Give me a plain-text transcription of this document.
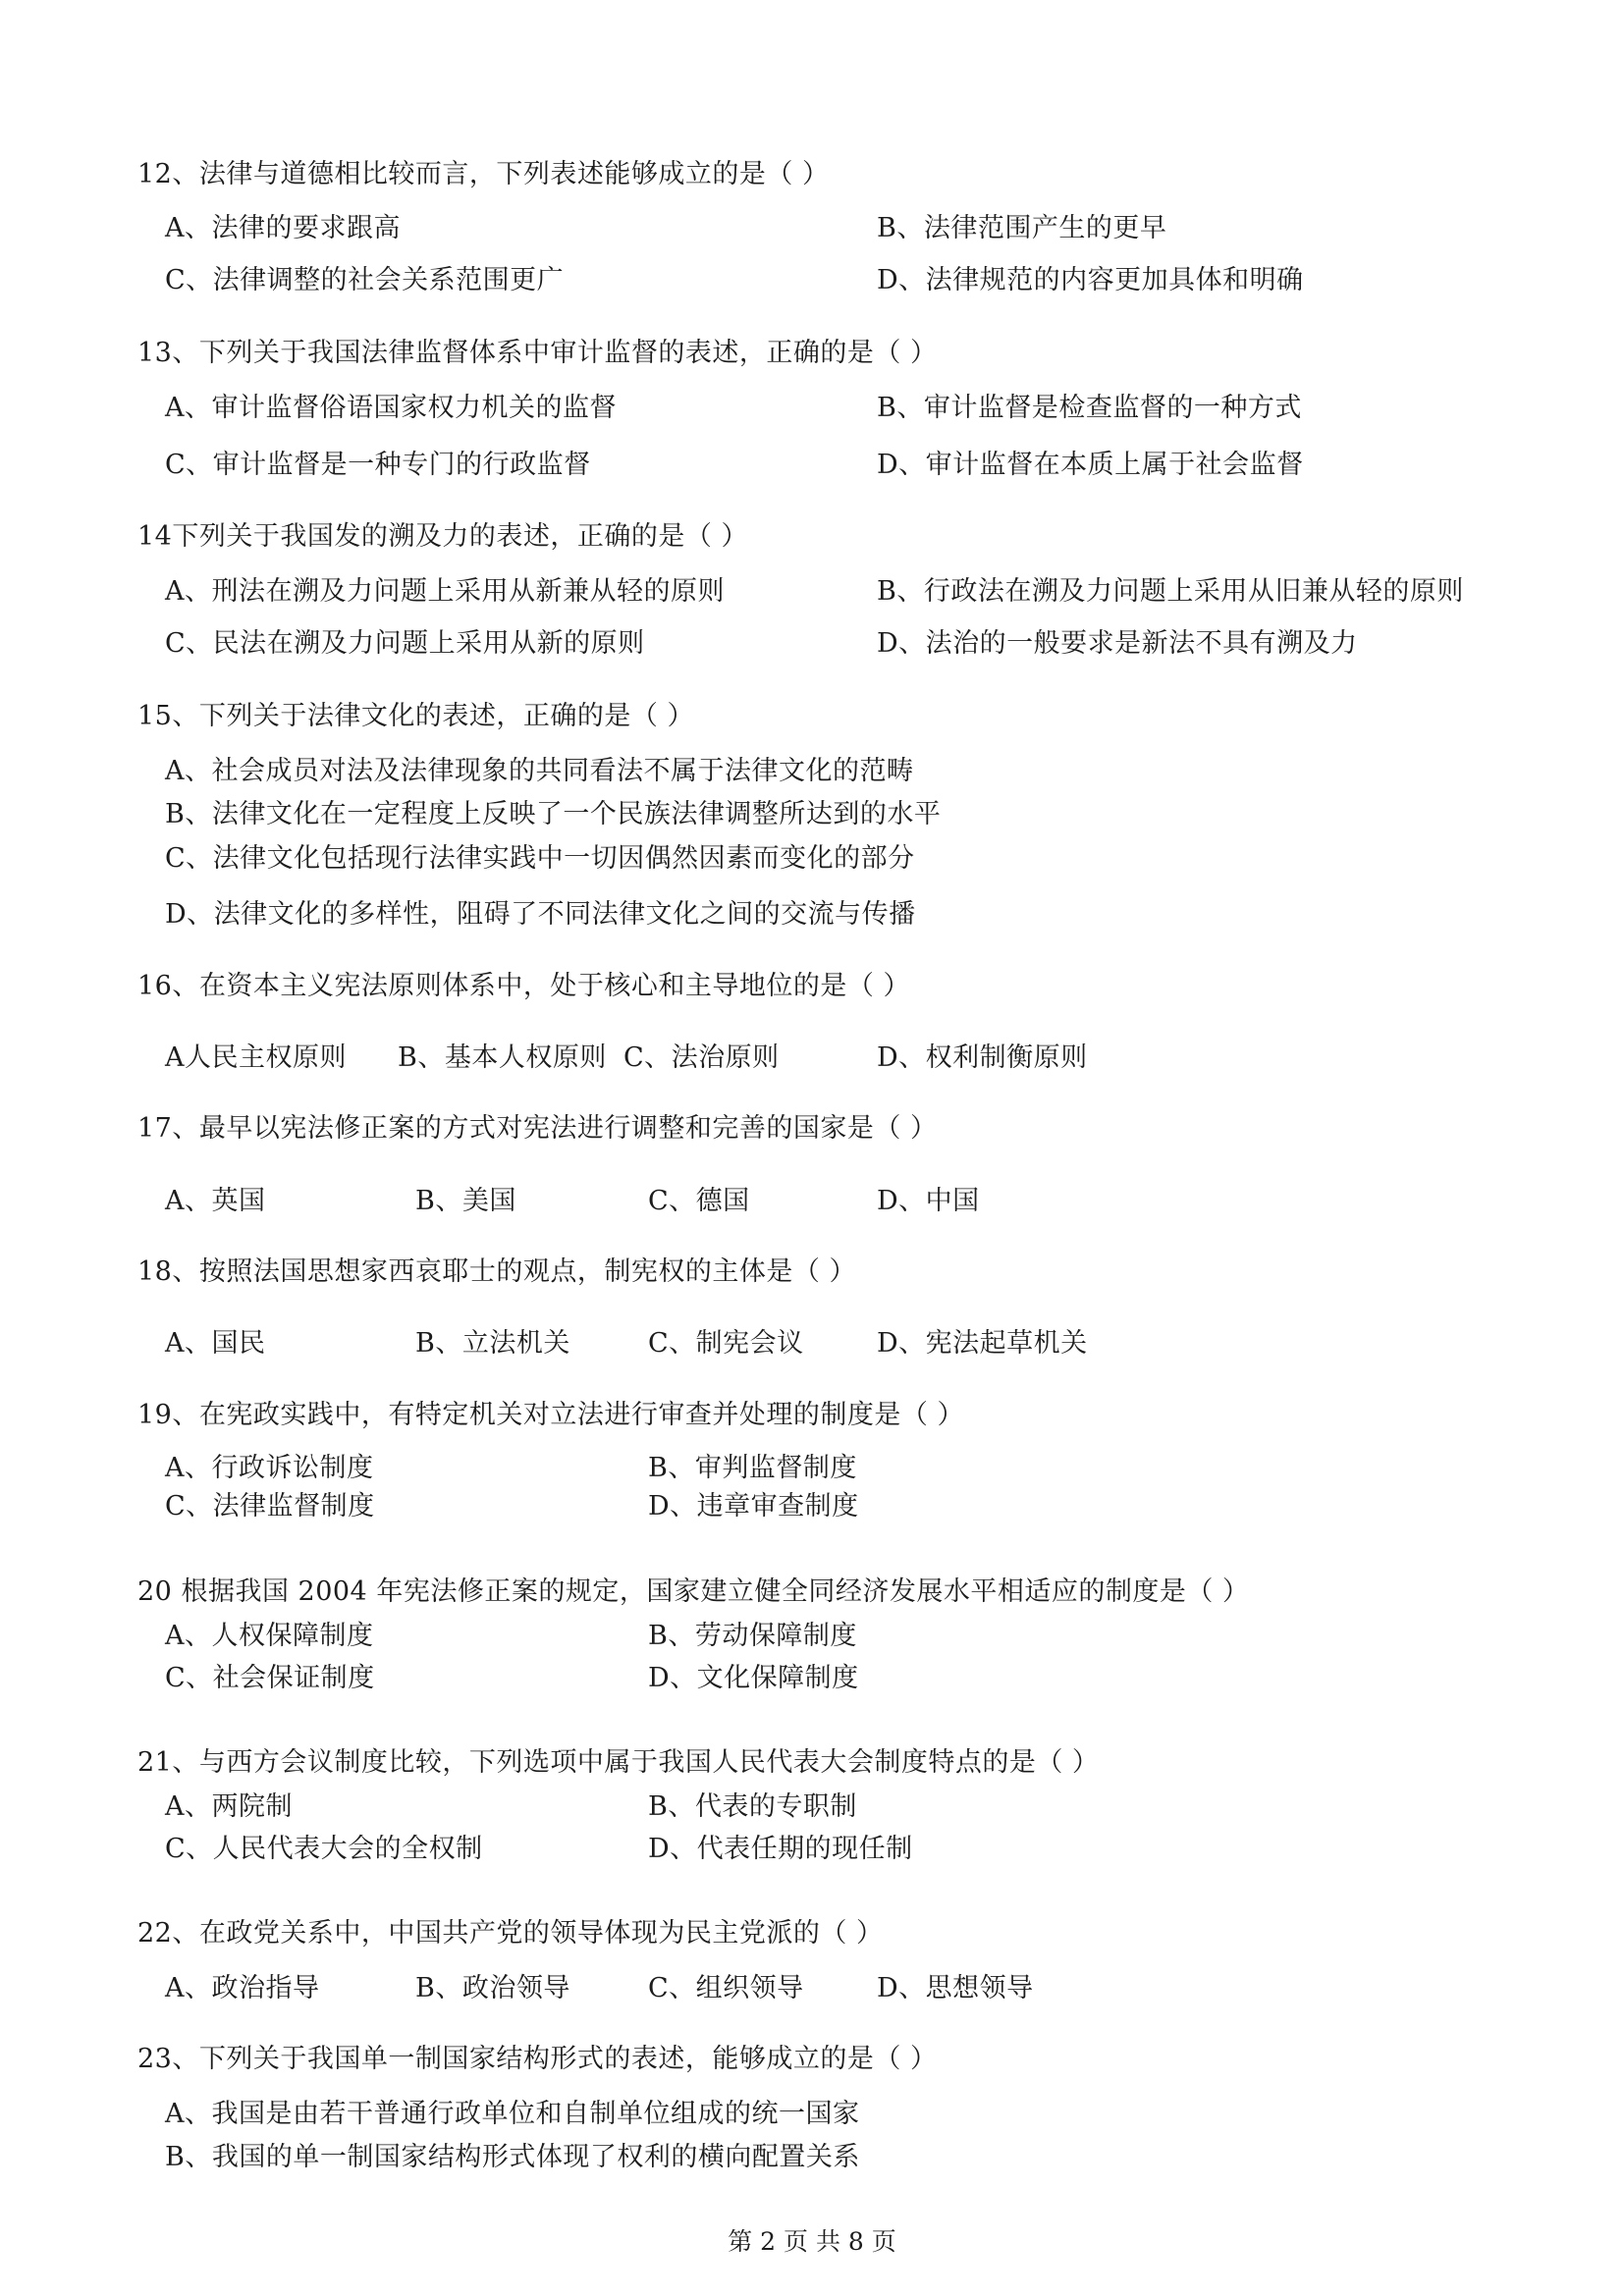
12、法律与道德相比较而言，下列表述能够成立的是（ ）
A、法律的要求跟高	B、法律范围产生的更早
C、法律调整的社会关系范围更广	D、法律规范的内容更加具体和明确
13、下列关于我国法律监督体系中审计监督的表述，正确的是（ ）
A、审计监督俗语国家权力机关的监督	B、审计监督是检查监督的一种方式
C、审计监督是一种专门的行政监督	D、审计监督在本质上属于社会监督
14下列关于我国发的溯及力的表述，正确的是（ ）
A、刑法在溯及力问题上采用从新兼从轻的原则	B、行政法在溯及力问题上采用从旧兼从轻的原则
C、民法在溯及力问题上采用从新的原则	D、法治的一般要求是新法不具有溯及力
15、下列关于法律文化的表述，正确的是（ ）
A、社会成员对法及法律现象的共同看法不属于法律文化的范畴
B、法律文化在一定程度上反映了一个民族法律调整所达到的水平
C、法律文化包括现行法律实践中一切因偶然因素而变化的部分
D、法律文化的多样性，阻碍了不同法律文化之间的交流与传播
16、在资本主义宪法原则体系中，处于核心和主导地位的是（ ）
A人民主权原则 B、基本人权原则 C、法治原则	D、权利制衡原则
17、最早以宪法修正案的方式对宪法进行调整和完善的国家是（ ）
A、英国	B、美国	C、德国	D、中国
18、按照法国思想家西哀耶士的观点，制宪权的主体是（ ）
A、国民	B、立法机关	C、制宪会议	D、宪法起草机关
19、在宪政实践中，有特定机关对立法进行审查并处理的制度是（ ）
A、行政诉讼制度	B、审判监督制度
C、法律监督制度	D、违章审查制度
20 根据我国 2004 年宪法修正案的规定，国家建立健全同经济发展水平相适应的制度是（ ）
A、人权保障制度	B、劳动保障制度
C、社会保证制度	D、文化保障制度
21、与西方会议制度比较，下列选项中属于我国人民代表大会制度特点的是（ ）
A、两院制	B、代表的专职制
C、人民代表大会的全权制	D、代表任期的现任制
22、在政党关系中，中国共产党的领导体现为民主党派的（ ）
A、政治指导	B、政治领导	C、组织领导	D、思想领导
23、下列关于我国单一制国家结构形式的表述，能够成立的是（ ）
A、我国是由若干普通行政单位和自制单位组成的统一国家
B、我国的单一制国家结构形式体现了权利的横向配置关系
第 2 页 共 8 页
